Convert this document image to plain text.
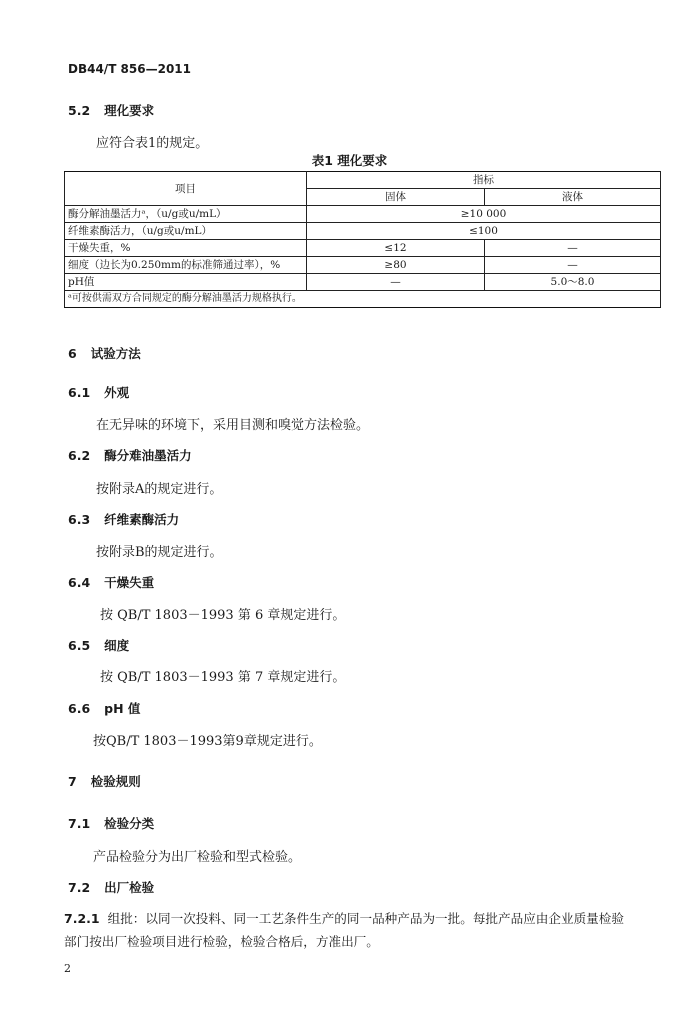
DB44/T 856—2011
5.2 理化要求
应符合表1的规定。
表1 理化要求
项目	指标	
	固体	液体
酶分解油墨活力ᵃ，（u/g或u/mL）	≥10 000	
纤维素酶活力，（u/g或u/mL）	≤100	
干燥失重，%	≤12	—
细度（边长为0.250mm的标准筛通过率），%	≥80	—
pH值	—	5.0～8.0
ᵃ可按供需双方合同规定的酶分解油墨活力规格执行。		
6 试验方法
6.1 外观
在无异味的环境下，采用目测和嗅觉方法检验。
6.2 酶分难油墨活力
按附录A的规定进行。
6.3 纤维素酶活力
按附录B的规定进行。
6.4 干燥失重
按 QB/T 1803－1993 第 6 章规定进行。
6.5 细度
按 QB/T 1803－1993 第 7 章规定进行。
6.6 pH 值
按QB/T 1803－1993第9章规定进行。
7 检验规则
7.1 检验分类
产品检验分为出厂检验和型式检验。
7.2 出厂检验
7.2.1 组批：以同一次投料、同一工艺条件生产的同一品种产品为一批。每批产品应由企业质量检验
部门按出厂检验项目进行检验，检验合格后，方准出厂。
2
